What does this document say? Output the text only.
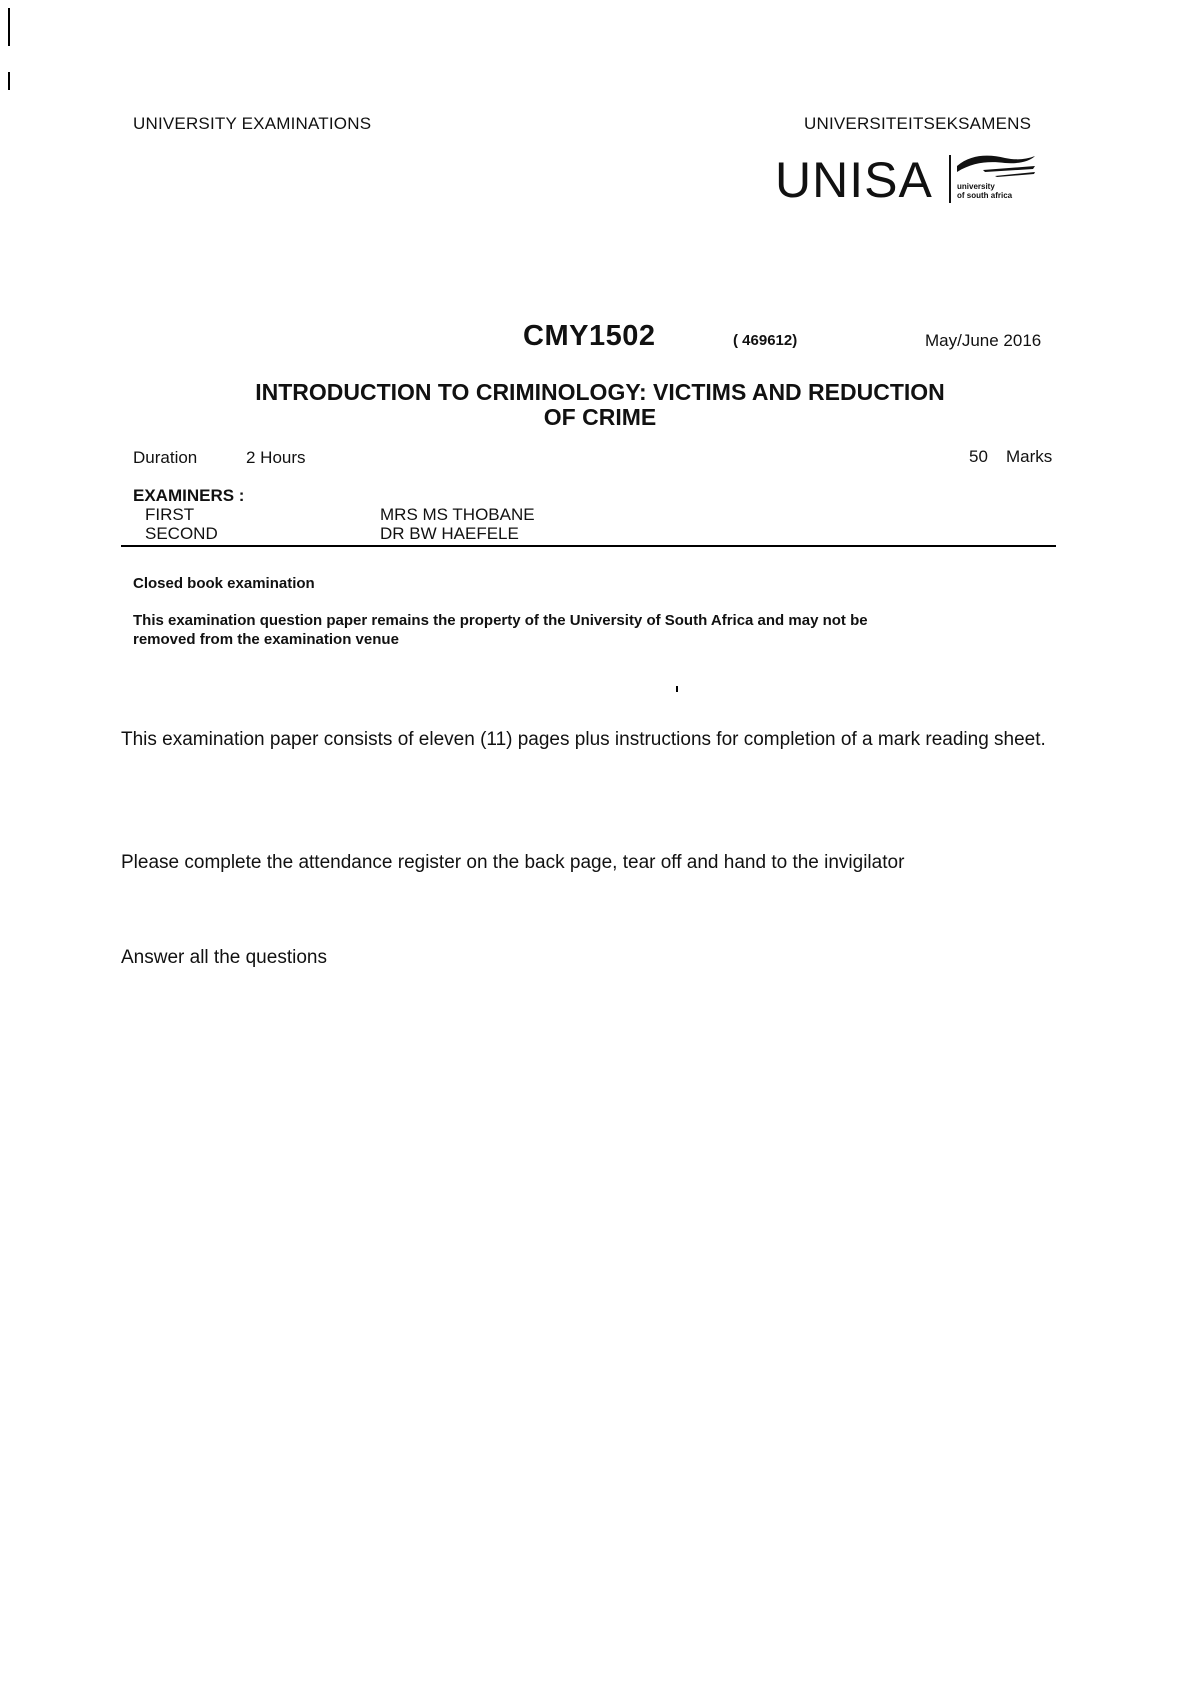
UNIVERSITY EXAMINATIONS	UNIVERSITEITSEKSAMENS
UNISA	university
of south africa
CMY1502	( 469612)	May/June 2016
INTRODUCTION TO CRIMINOLOGY: VICTIMS AND REDUCTION
OF CRIME
Duration	2 Hours	50 Marks
EXAMINERS :
FIRST	MRS MS THOBANE
SECOND	DR BW HAEFELE
Closed book examination
This examination question paper remains the property of the University of South Africa and may not be
removed from the examination venue
This examination paper consists of eleven (11) pages plus instructions for completion of a mark reading sheet.
Please complete the attendance register on the back page, tear off and hand to the invigilator
Answer all the questions
